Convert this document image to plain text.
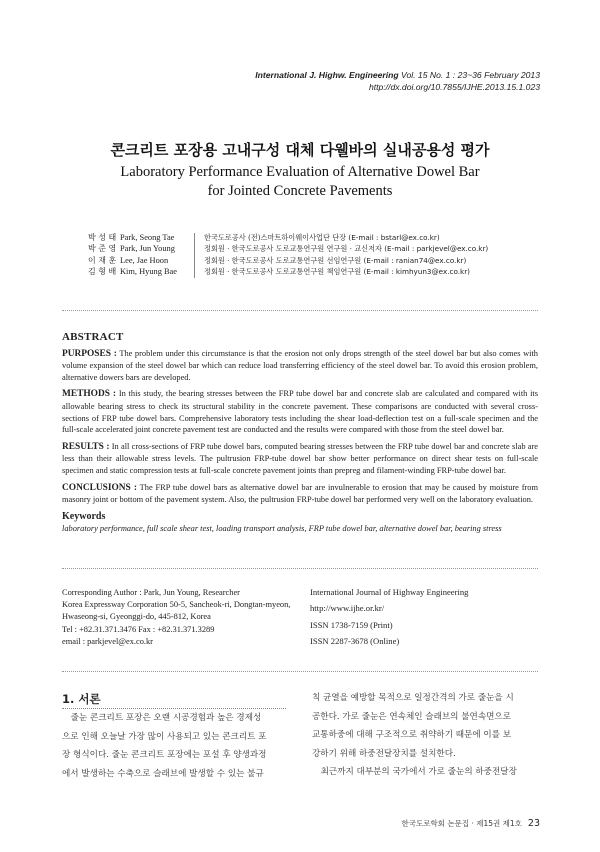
International J. Highw. Engineering Vol. 15 No. 1 : 23~36 February 2013
http://dx.doi.org/10.7855/IJHE.2013.15.1.023
콘크리트 포장용 고내구성 대체 다웰바의 실내공용성 평가
Laboratory Performance Evaluation of Alternative Dowel Bar
for Jointed Concrete Pavements
박 성 태
박 준 영
이 재 훈
김 형 배
Park, Seong Tae
Park, Jun Young
Lee, Jae Hoon
Kim, Hyung Bae
한국도로공사 (전)스마트하이웨이사업단 단장 (E-mail : bstarl@ex.co.kr)
정회원 · 한국도로공사 도로교통연구원 연구원 · 교신저자 (E-mail : parkjevel@ex.co.kr)
정회원 · 한국도로공사 도로교통연구원 선임연구원 (E-mail : ranian74@ex.co.kr)
정회원 · 한국도로공사 도로교통연구원 책임연구원 (E-mail : kimhyun3@ex.co.kr)
ABSTRACT

PURPOSES : The problem under this circumstance is that the erosion not only drops strength of the steel dowel bar but also comes with volume expansion of the steel dowel bar which can reduce load transferring efficiency of the steel dowel bar. To avoid this erosion problem, alternative dowers bars are developed.

METHODS : In this study, the bearing stresses between the FRP tube dowel bar and concrete slab are calculated and compared with its allowable bearing stress to check its structural stability in the concrete pavement. These comparisons are conducted with several cross-sections of FRP tube dowel bars. Comprehensive laboratory tests including the shear load-deflection test on a full-scale specimen and the full-scale accelerated joint concrete pavement test are conducted and the results were compared with those from the steel dowel bar.

RESULTS : In all cross-sections of FRP tube dowel bars, computed bearing stresses between the FRP tube dowel bar and concrete slab are less than their allowable stress levels. The pultrusion FRP-tube dowel bar show better performance on direct shear tests on full-scale specimen and static compression tests at full-scale concrete pavement joints than prepreg and filament-winding FRP-tube dowel bar.

CONCLUSIONS : The FRP tube dowel bars as alternative dowel bar are invulnerable to erosion that may be caused by moisture from masonry joint or bottom of the pavement system. Also, the pultrusion FRP-tube dowel bar performed very well on the laboratory evaluation.

Keywords

laboratory performance, full scale shear test, loading transport analysis, FRP tube dowel bar, alternative dowel bar, bearing stress

Corresponding Author : Park, Jun Young, Researcher
Korea Expressway Corporation 50-5, Sancheok-ri, Dongtan-myeon,
Hwaseong-si, Gyeonggi-do, 445-812, Korea
Tel : +82.31.371.3476 Fax : +82.31.371.3289
email : parkjevel@ex.co.kr
International Journal of Highway Engineering
http://www.ijhe.or.kr/
ISSN 1738-7159 (Print)
ISSN 2287-3678 (Online)
1. 서론

　줄눈 콘크리트 포장은 오랜 시공경험과 높은 경제성

으로 인해 오늘날 가장 많이 사용되고 있는 콘크리트 포

장 형식이다. 줄눈 콘크리트 포장에는 포설 후 양생과정

에서 발생하는 수축으로 슬래브에 발생할 수 있는 불규

칙 균열을 예방할 목적으로 일정간격의 가로 줄눈을 시

공한다. 가로 줄눈은 연속체인 슬래브의 불연속면으로

교통하중에 대해 구조적으로 취약하기 때문에 이를 보

강하기 위해 하중전달장치를 설치한다.

　최근까지 대부분의 국가에서 가로 줄눈의 하중전달장

한국도로학회 논문집 · 제15권 제1호 23
